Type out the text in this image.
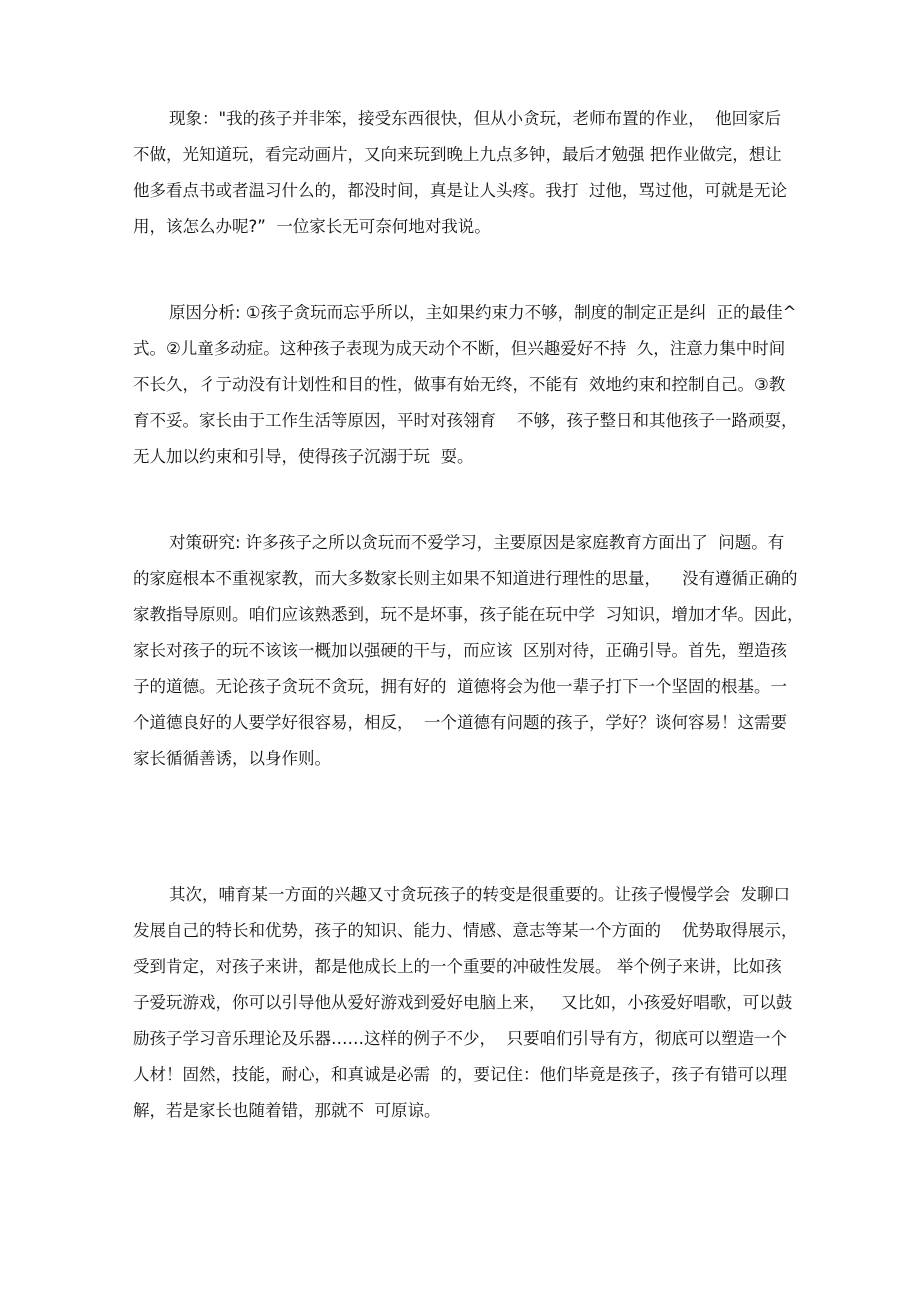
现象："我的孩子并非笨，接受东西很快，但从小贪玩，老师布置的作业，  他回家后
不做，光知道玩，看完动画片，又向来玩到晚上九点多钟，最后才勉强 把作业做完，想让
他多看点书或者温习什么的，都没时间，真是让人头疼。我打  过他，骂过他，可就是无论
用，该怎么办呢?”  一位家长无可奈何地对我说。
原因分析: ①孩子贪玩而忘乎所以，主如果约束力不够，制度的制定正是纠  正的最佳^
式。②儿童多动症。这种孩子表现为成天动个不断，但兴趣爱好不持  久，注意力集中时间
不长久，彳亍动没有计划性和目的性，做事有始无终，不能有  效地约束和控制自己。③教
育不妥。家长由于工作生活等原因，平时对孩翎育    不够，孩子整日和其他孩子一路顽耍，
无人加以约束和引导，使得孩子沉溺于玩  耍。
对策研究: 许多孩子之所以贪玩而不爱学习，主要原因是家庭教育方面出了  问题。有
的家庭根本不重视家教，而大多数家长则主如果不知道进行理性的思量，    没有遵循正确的
家教指导原则。咱们应该熟悉到，玩不是坏事，孩子能在玩中学  习知识，增加才华。因此，
家长对孩子的玩不该该一概加以强硬的干与，而应该  区别对待，正确引导。首先，塑造孩
子的道德。无论孩子贪玩不贪玩，拥有好的  道德将会为他一辈子打下一个坚固的根基。一
个道德良好的人要学好很容易，相反，  一个道德有问题的孩子，学好？谈何容易！这需要
家长循循善诱，以身作则。
其次，哺育某一方面的兴趣又寸贪玩孩子的转变是很重要的。让孩子慢慢学会  发聊口
发展自己的特长和优势，孩子的知识、能力、情感、意志等某一个方面的    优势取得展示，
受到肯定，对孩子来讲，都是他成长上的一个重要的冲破性发展。 举个例子来讲，比如孩
子爱玩游戏，你可以引导他从爱好游戏到爱好电脑上来，   又比如，小孩爱好唱歌，可以鼓
励孩子学习音乐理论及乐器……这样的例子不少，  只要咱们引导有方，彻底可以塑造一个
人材！固然，技能，耐心，和真诚是必需  的，要记住：他们毕竟是孩子，孩子有错可以理
解，若是家长也随着错，那就不  可原谅。
